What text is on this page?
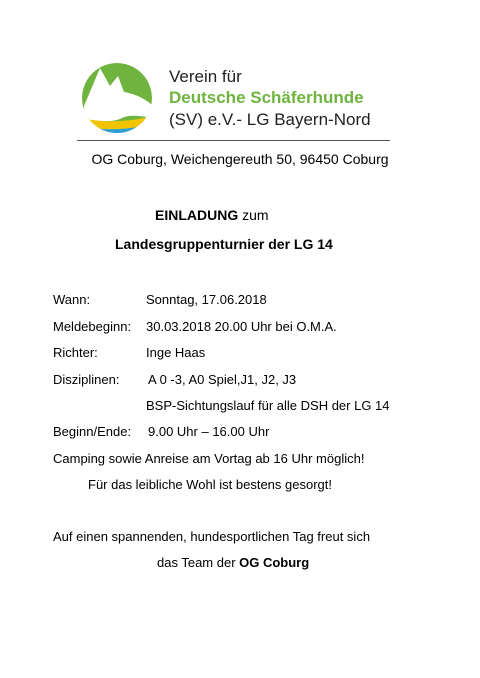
Verein für
Deutsche Schäferhunde
(SV) e.V.- LG Bayern-Nord
OG Coburg, Weichengereuth 50, 96450 Coburg
EINLADUNG zum
Landesgruppenturnier der LG 14
Wann:	Sonntag, 17.06.2018
Meldebeginn: 30.03.2018 20.00 Uhr bei O.M.A.
Richter:	Inge Haas
Disziplinen: A 0 -3, A0 Spiel,J1, J2, J3
BSP-Sichtungslauf für alle DSH der LG 14
Beginn/Ende: 9.00 Uhr – 16.00 Uhr
Camping sowie Anreise am Vortag ab 16 Uhr möglich!
Für das leibliche Wohl ist bestens gesorgt!
Auf einen spannenden, hundesportlichen Tag freut sich
das Team der OG Coburg
